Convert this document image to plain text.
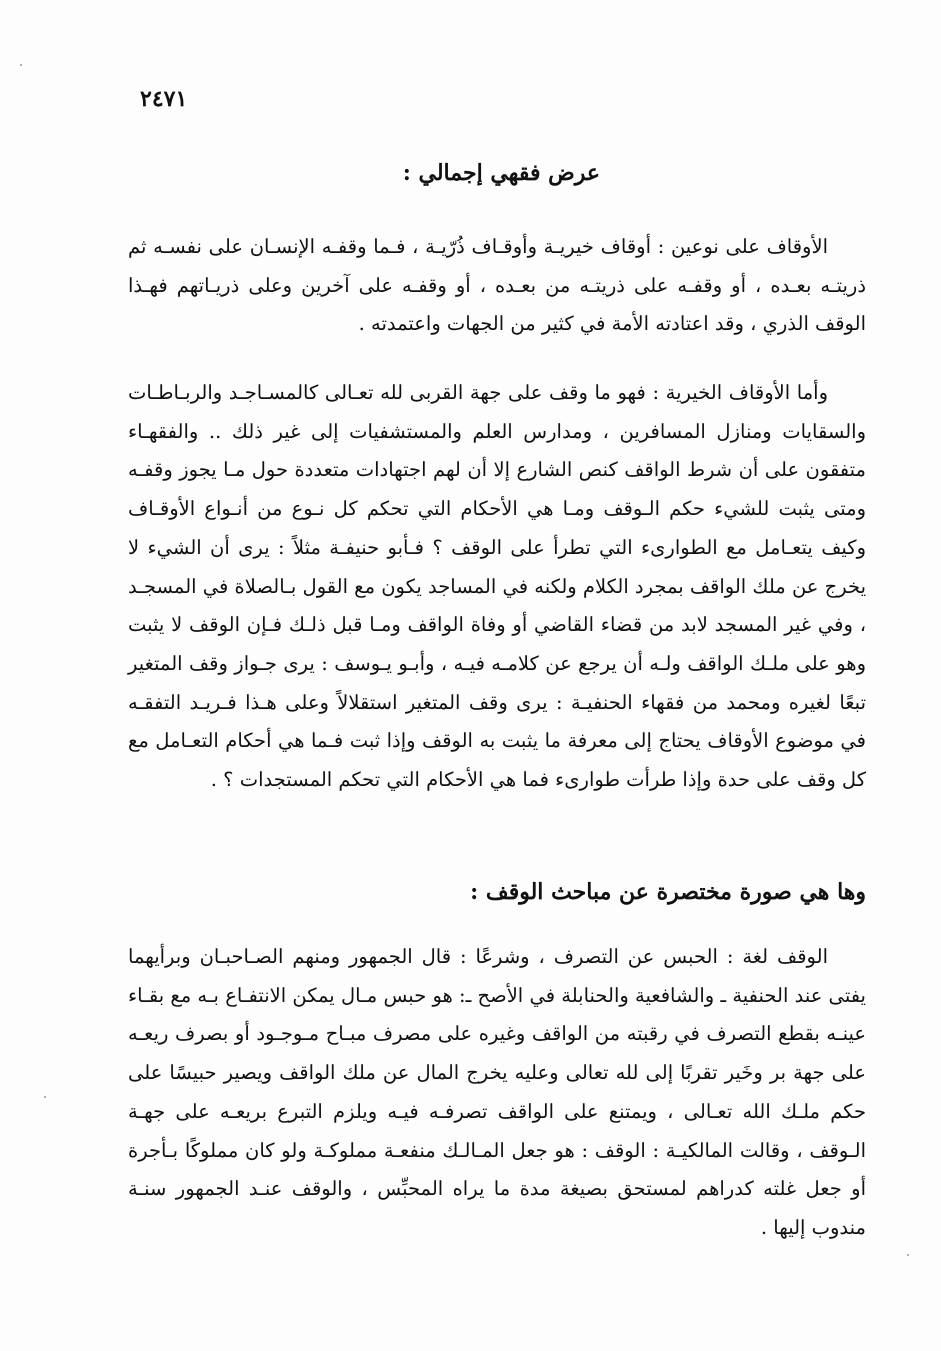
٢٤٧١
عرض فقهي إجمالي :
الأوقاف على نوعين : أوقاف خيريـة وأوقـاف ذُرّيـة ، فـما وقفـه الإنسـان على نفسـه ثم ذريتـه بعـده ، أو وقفـه على ذريتـه من بعـده ، أو وقفـه على آخرين وعلى ذريـاتهم فهـذا الوقف الذري ، وقد اعتادته الأمة في كثير من الجهات واعتمدته .
وأما الأوقاف الخيرية : فهو ما وقف على جهة القربى لله تعـالى كالمسـاجـد والربـاطـات والسقايات ومنازل المسافرين ، ومدارس العلم والمستشفيات إلى غير ذلك .. والفقهـاء متفقون على أن شرط الواقف كنص الشارع إلا أن لهم اجتهادات متعددة حول مـا يجوز وقفـه ومتى يثبت للشيء حكم الـوقف ومـا هي الأحكام التي تحكم كل نـوع من أنـواع الأوقـاف وكيف يتعـامل مع الطوارىء التي تطرأ على الوقف ؟ فـأبو حنيفـة مثلاً : يرى أن الشيء لا يخرج عن ملك الواقف بمجرد الكلام ولكنه في المساجد يكون مع القول بـالصلاة في المسجـد ، وفي غير المسجد لابد من قضاء القاضي أو وفاة الواقف ومـا قبل ذلـك فـإن الوقف لا يثبت وهو على ملـك الواقف ولـه أن يرجع عن كلامـه فيـه ، وأبـو يـوسف : يرى جـواز وقف المتغير تبعًا لغيره ومحمد من فقهاء الحنفيـة : يرى وقف المتغير استقلالاً وعلى هـذا فـريـد التفقـه في موضوع الأوقاف يحتاج إلى معرفة ما يثبت به الوقف وإذا ثبت فـما هي أحكام التعـامل مع كل وقف على حدة وإذا طرأت طوارىء فما هي الأحكام التي تحكم المستجدات ؟ .
وها هي صورة مختصرة عن مباحث الوقف :
الوقف لغة : الحبس عن التصرف ، وشرعًا : قال الجمهور ومنهم الصـاحبـان وبرأيهما يفتى عند الحنفية ـ والشافعية والحنابلة في الأصح ـ: هو حبس مـال يمكن الانتفـاع بـه مع بقـاء عينـه بقطع التصرف في رقبته من الواقف وغيره على مصرف مبـاح مـوجـود أو بصرف ريعـه على جهة بر وخَير تقربًا إلى لله تعالى وعليه يخرج المال عن ملك الواقف ويصير حبيسًا على حكم ملـك الله تعـالى ، ويمتنع على الواقف تصرفـه فيـه ويلزم التبرع بريعـه على جهـة الـوقف ، وقالت المالكيـة : الوقف : هو جعل المـالـك منفعـة مملوكـة ولو كان مملوكًا بـأجرة أو جعل غلته كدراهم لمستحق بصيغة مدة ما يراه المحبِّس ، والوقف عنـد الجمهور سنـة مندوب إليها .
